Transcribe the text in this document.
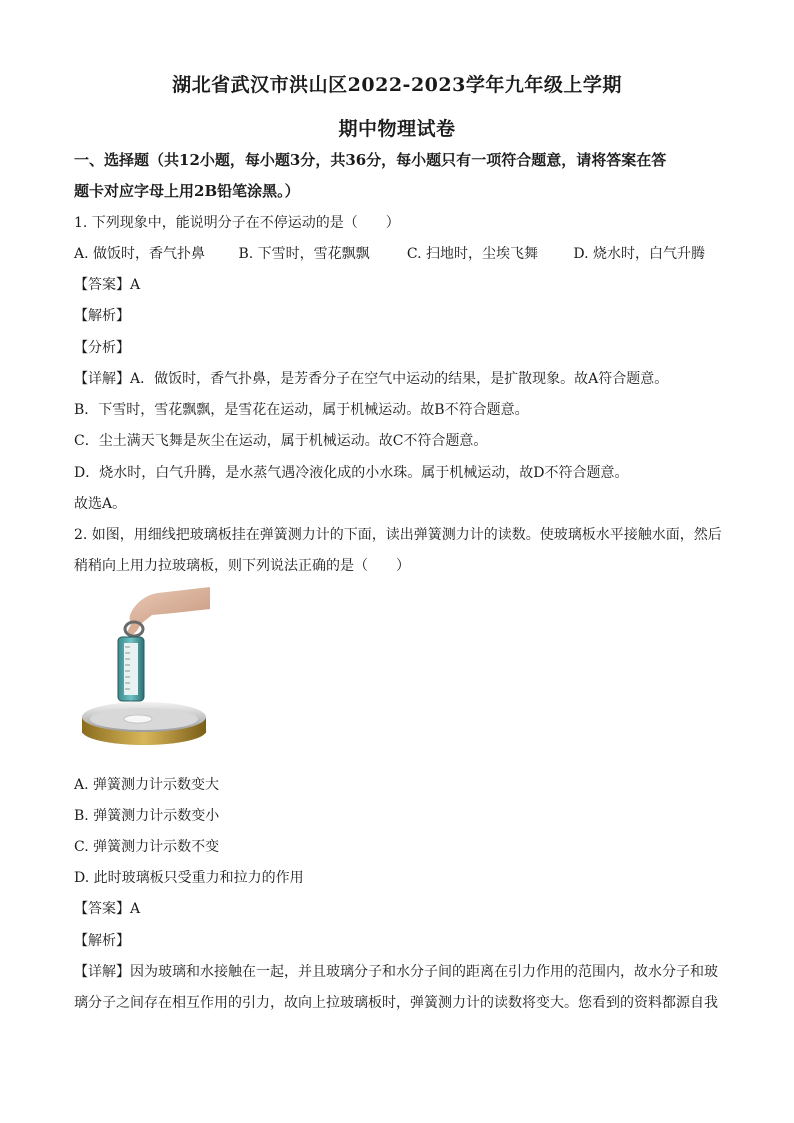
湖北省武汉市洪山区2022-2023学年九年级上学期
期中物理试卷
一、选择题（共12小题，每小题3分，共36分，每小题只有一项符合题意，请将答案在答
题卡对应字母上用2B铅笔涂黑。）
1. 下列现象中，能说明分子在不停运动的是（　　）
A. 做饭时，香气扑鼻 B. 下雪时，雪花飘飘	C. 扫地时，尘埃飞舞	D. 烧水时，白气升腾
【答案】A
【解析】
【分析】
【详解】A．做饭时，香气扑鼻，是芳香分子在空气中运动的结果，是扩散现象。故A符合题意。
B．下雪时，雪花飘飘，是雪花在运动，属于机械运动。故B不符合题意。
C．尘土满天飞舞是灰尘在运动，属于机械运动。故C不符合题意。
D．烧水时，白气升腾，是水蒸气遇冷液化成的小水珠。属于机械运动，故D不符合题意。
故选A。
2. 如图，用细线把玻璃板挂在弹簧测力计的下面，读出弹簧测力计的读数。使玻璃板水平接触水面，然后
稍稍向上用力拉玻璃板，则下列说法正确的是（　　）
A. 弹簧测力计示数变大
B. 弹簧测力计示数变小
C. 弹簧测力计示数不变
D. 此时玻璃板只受重力和拉力的作用
【答案】A
【解析】
【详解】因为玻璃和水接触在一起，并且玻璃分子和水分子间的距离在引力作用的范围内，故水分子和玻
璃分子之间存在相互作用的引力，故向上拉玻璃板时，弹簧测力计的读数将变大。您看到的资料都源自我
